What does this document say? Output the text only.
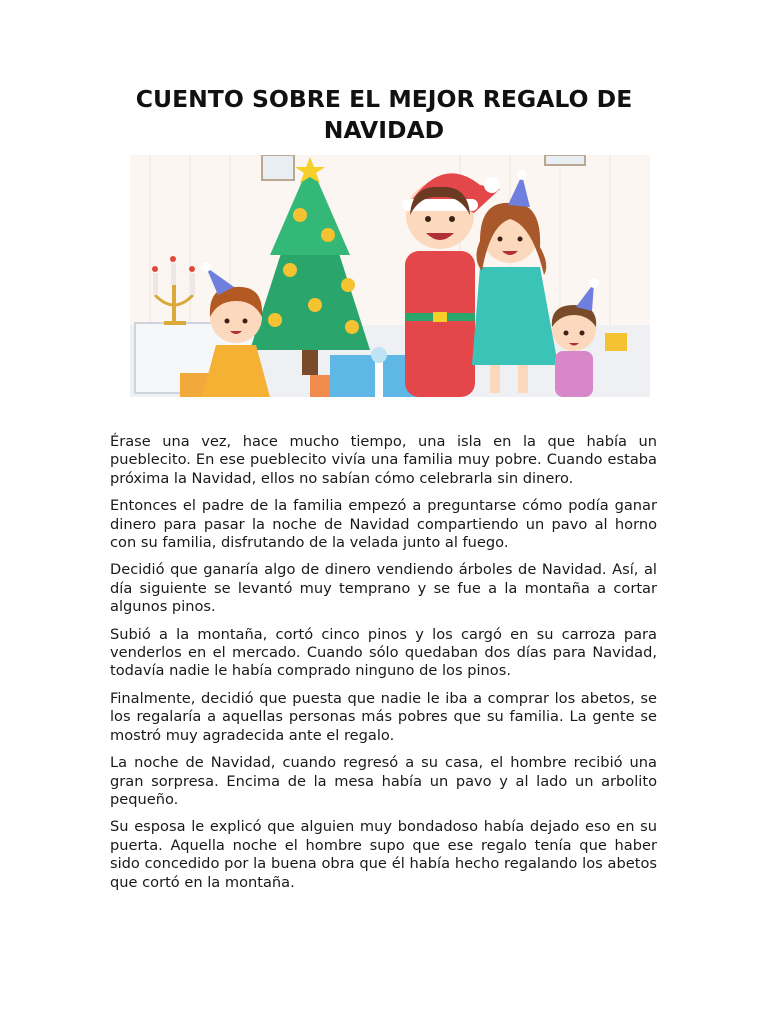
CUENTO SOBRE EL MEJOR REGALO DE NAVIDAD

Érase una vez, hace mucho tiempo, una isla en la que había un pueblecito. En ese pueblecito vivía una familia muy pobre. Cuando estaba próxima la Navidad, ellos no sabían cómo celebrarla sin dinero.

Entonces el padre de la familia empezó a preguntarse cómo podía ganar dinero para pasar la noche de Navidad compartiendo un pavo al horno con su familia, disfrutando de la velada junto al fuego.

Decidió que ganaría algo de dinero vendiendo árboles de Navidad. Así, al día siguiente se levantó muy temprano y se fue a la montaña a cortar algunos pinos.

Subió a la montaña, cortó cinco pinos y los cargó en su carroza para venderlos en el mercado. Cuando sólo quedaban dos días para Navidad, todavía nadie le había comprado ninguno de los pinos.

Finalmente, decidió que puesta que nadie le iba a comprar los abetos, se los regalaría a aquellas personas más pobres que su familia. La gente se mostró muy agradecida ante el regalo.

La noche de Navidad, cuando regresó a su casa, el hombre recibió una gran sorpresa. Encima de la mesa había un pavo y al lado un arbolito pequeño.

Su esposa le explicó que alguien muy bondadoso había dejado eso en su puerta. Aquella noche el hombre supo que ese regalo tenía que haber sido concedido por la buena obra que él había hecho regalando los abetos que cortó en la montaña.
